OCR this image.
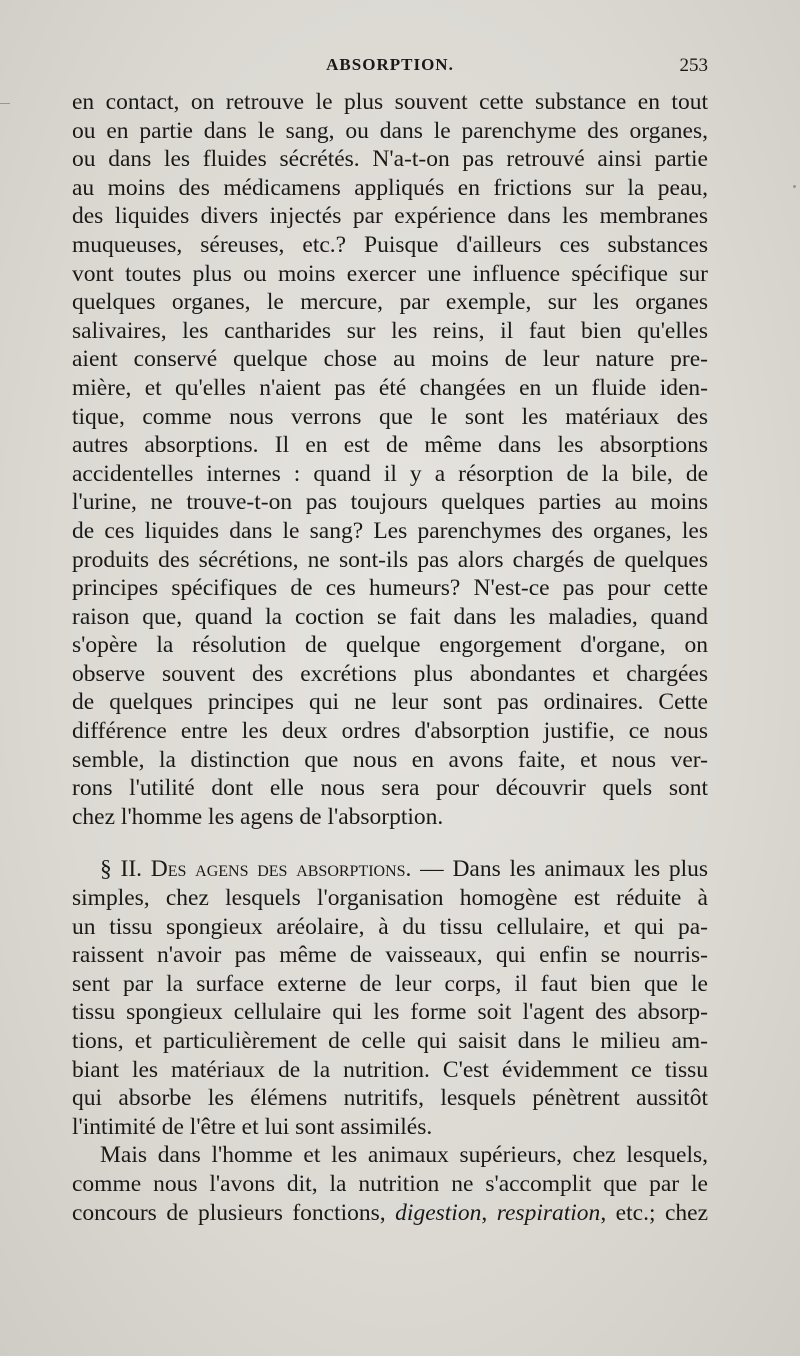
ABSORPTION.	253
en contact, on retrouve le plus souvent cette substance en tout
ou en partie dans le sang, ou dans le parenchyme des organes,
ou dans les fluides sécrétés. N'a-t-on pas retrouvé ainsi partie
au moins des médicamens appliqués en frictions sur la peau,
des liquides divers injectés par expérience dans les membranes
muqueuses, séreuses, etc.? Puisque d'ailleurs ces substances
vont toutes plus ou moins exercer une influence spécifique sur
quelques organes, le mercure, par exemple, sur les organes
salivaires, les cantharides sur les reins, il faut bien qu'elles
aient conservé quelque chose au moins de leur nature pre-
mière, et qu'elles n'aient pas été changées en un fluide iden-
tique, comme nous verrons que le sont les matériaux des
autres absorptions. Il en est de même dans les absorptions
accidentelles internes : quand il y a résorption de la bile, de
l'urine, ne trouve-t-on pas toujours quelques parties au moins
de ces liquides dans le sang? Les parenchymes des organes, les
produits des sécrétions, ne sont-ils pas alors chargés de quelques
principes spécifiques de ces humeurs? N'est-ce pas pour cette
raison que, quand la coction se fait dans les maladies, quand
s'opère la résolution de quelque engorgement d'organe, on
observe souvent des excrétions plus abondantes et chargées
de quelques principes qui ne leur sont pas ordinaires. Cette
différence entre les deux ordres d'absorption justifie, ce nous
semble, la distinction que nous en avons faite, et nous ver-
rons l'utilité dont elle nous sera pour découvrir quels sont
chez l'homme les agens de l'absorption.
§ II. Des agens des absorptions. — Dans les animaux les plus
simples, chez lesquels l'organisation homogène est réduite à
un tissu spongieux aréolaire, à du tissu cellulaire, et qui pa-
raissent n'avoir pas même de vaisseaux, qui enfin se nourris-
sent par la surface externe de leur corps, il faut bien que le
tissu spongieux cellulaire qui les forme soit l'agent des absorp-
tions, et particulièrement de celle qui saisit dans le milieu am-
biant les matériaux de la nutrition. C'est évidemment ce tissu
qui absorbe les élémens nutritifs, lesquels pénètrent aussitôt
l'intimité de l'être et lui sont assimilés.
Mais dans l'homme et les animaux supérieurs, chez lesquels,
comme nous l'avons dit, la nutrition ne s'accomplit que par le
concours de plusieurs fonctions, digestion, respiration, etc.; chez
